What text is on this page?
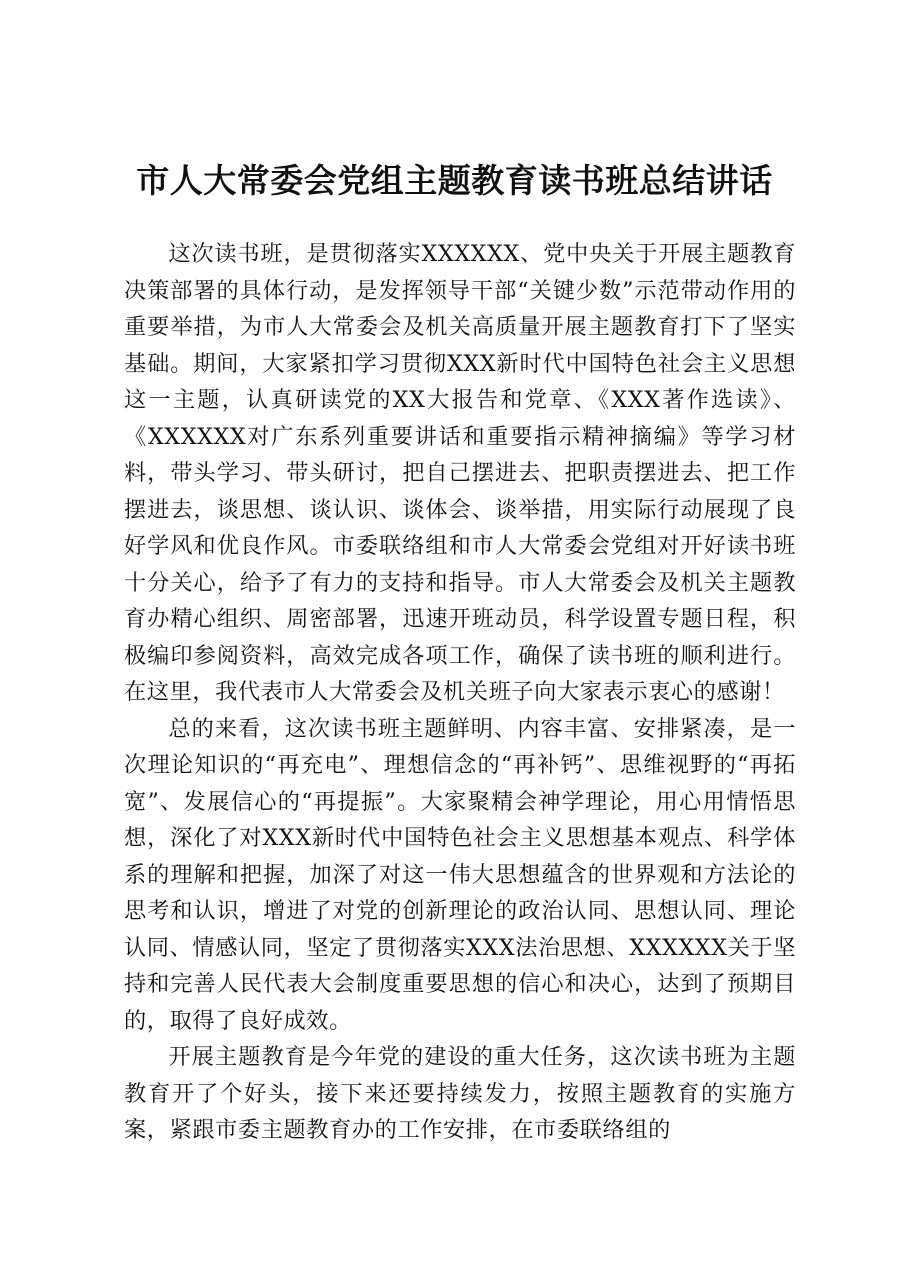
市人大常委会党组主题教育读书班总结讲话

这次读书班，是贯彻落实XXXXXX、党中央关于开展主题教育决策部署的具体行动，是发挥领导干部“关键少数”示范带动作用的重要举措，为市人大常委会及机关高质量开展主题教育打下了坚实基础。期间，大家紧扣学习贯彻XXX新时代中国特色社会主义思想这一主题，认真研读党的XX大报告和党章、《XXX著作选读》、《XXXXXX对广东系列重要讲话和重要指示精神摘编》等学习材料，带头学习、带头研讨，把自己摆进去、把职责摆进去、把工作摆进去，谈思想、谈认识、谈体会、谈举措，用实际行动展现了良好学风和优良作风。市委联络组和市人大常委会党组对开好读书班十分关心，给予了有力的支持和指导。市人大常委会及机关主题教育办精心组织、周密部署，迅速开班动员，科学设置专题日程，积极编印参阅资料，高效完成各项工作，确保了读书班的顺利进行。在这里，我代表市人大常委会及机关班子向大家表示衷心的感谢！

总的来看，这次读书班主题鲜明、内容丰富、安排紧凑，是一次理论知识的“再充电”、理想信念的“再补钙”、思维视野的“再拓宽”、发展信心的“再提振”。大家聚精会神学理论，用心用情悟思想，深化了对XXX新时代中国特色社会主义思想基本观点、科学体系的理解和把握，加深了对这一伟大思想蕴含的世界观和方法论的思考和认识，增进了对党的创新理论的政治认同、思想认同、理论认同、情感认同，坚定了贯彻落实XXX法治思想、XXXXXX关于坚持和完善人民代表大会制度重要思想的信心和决心，达到了预期目的，取得了良好成效。

开展主题教育是今年党的建设的重大任务，这次读书班为主题教育开了个好头，接下来还要持续发力，按照主题教育的实施方案，紧跟市委主题教育办的工作安排，在市委联络组的
